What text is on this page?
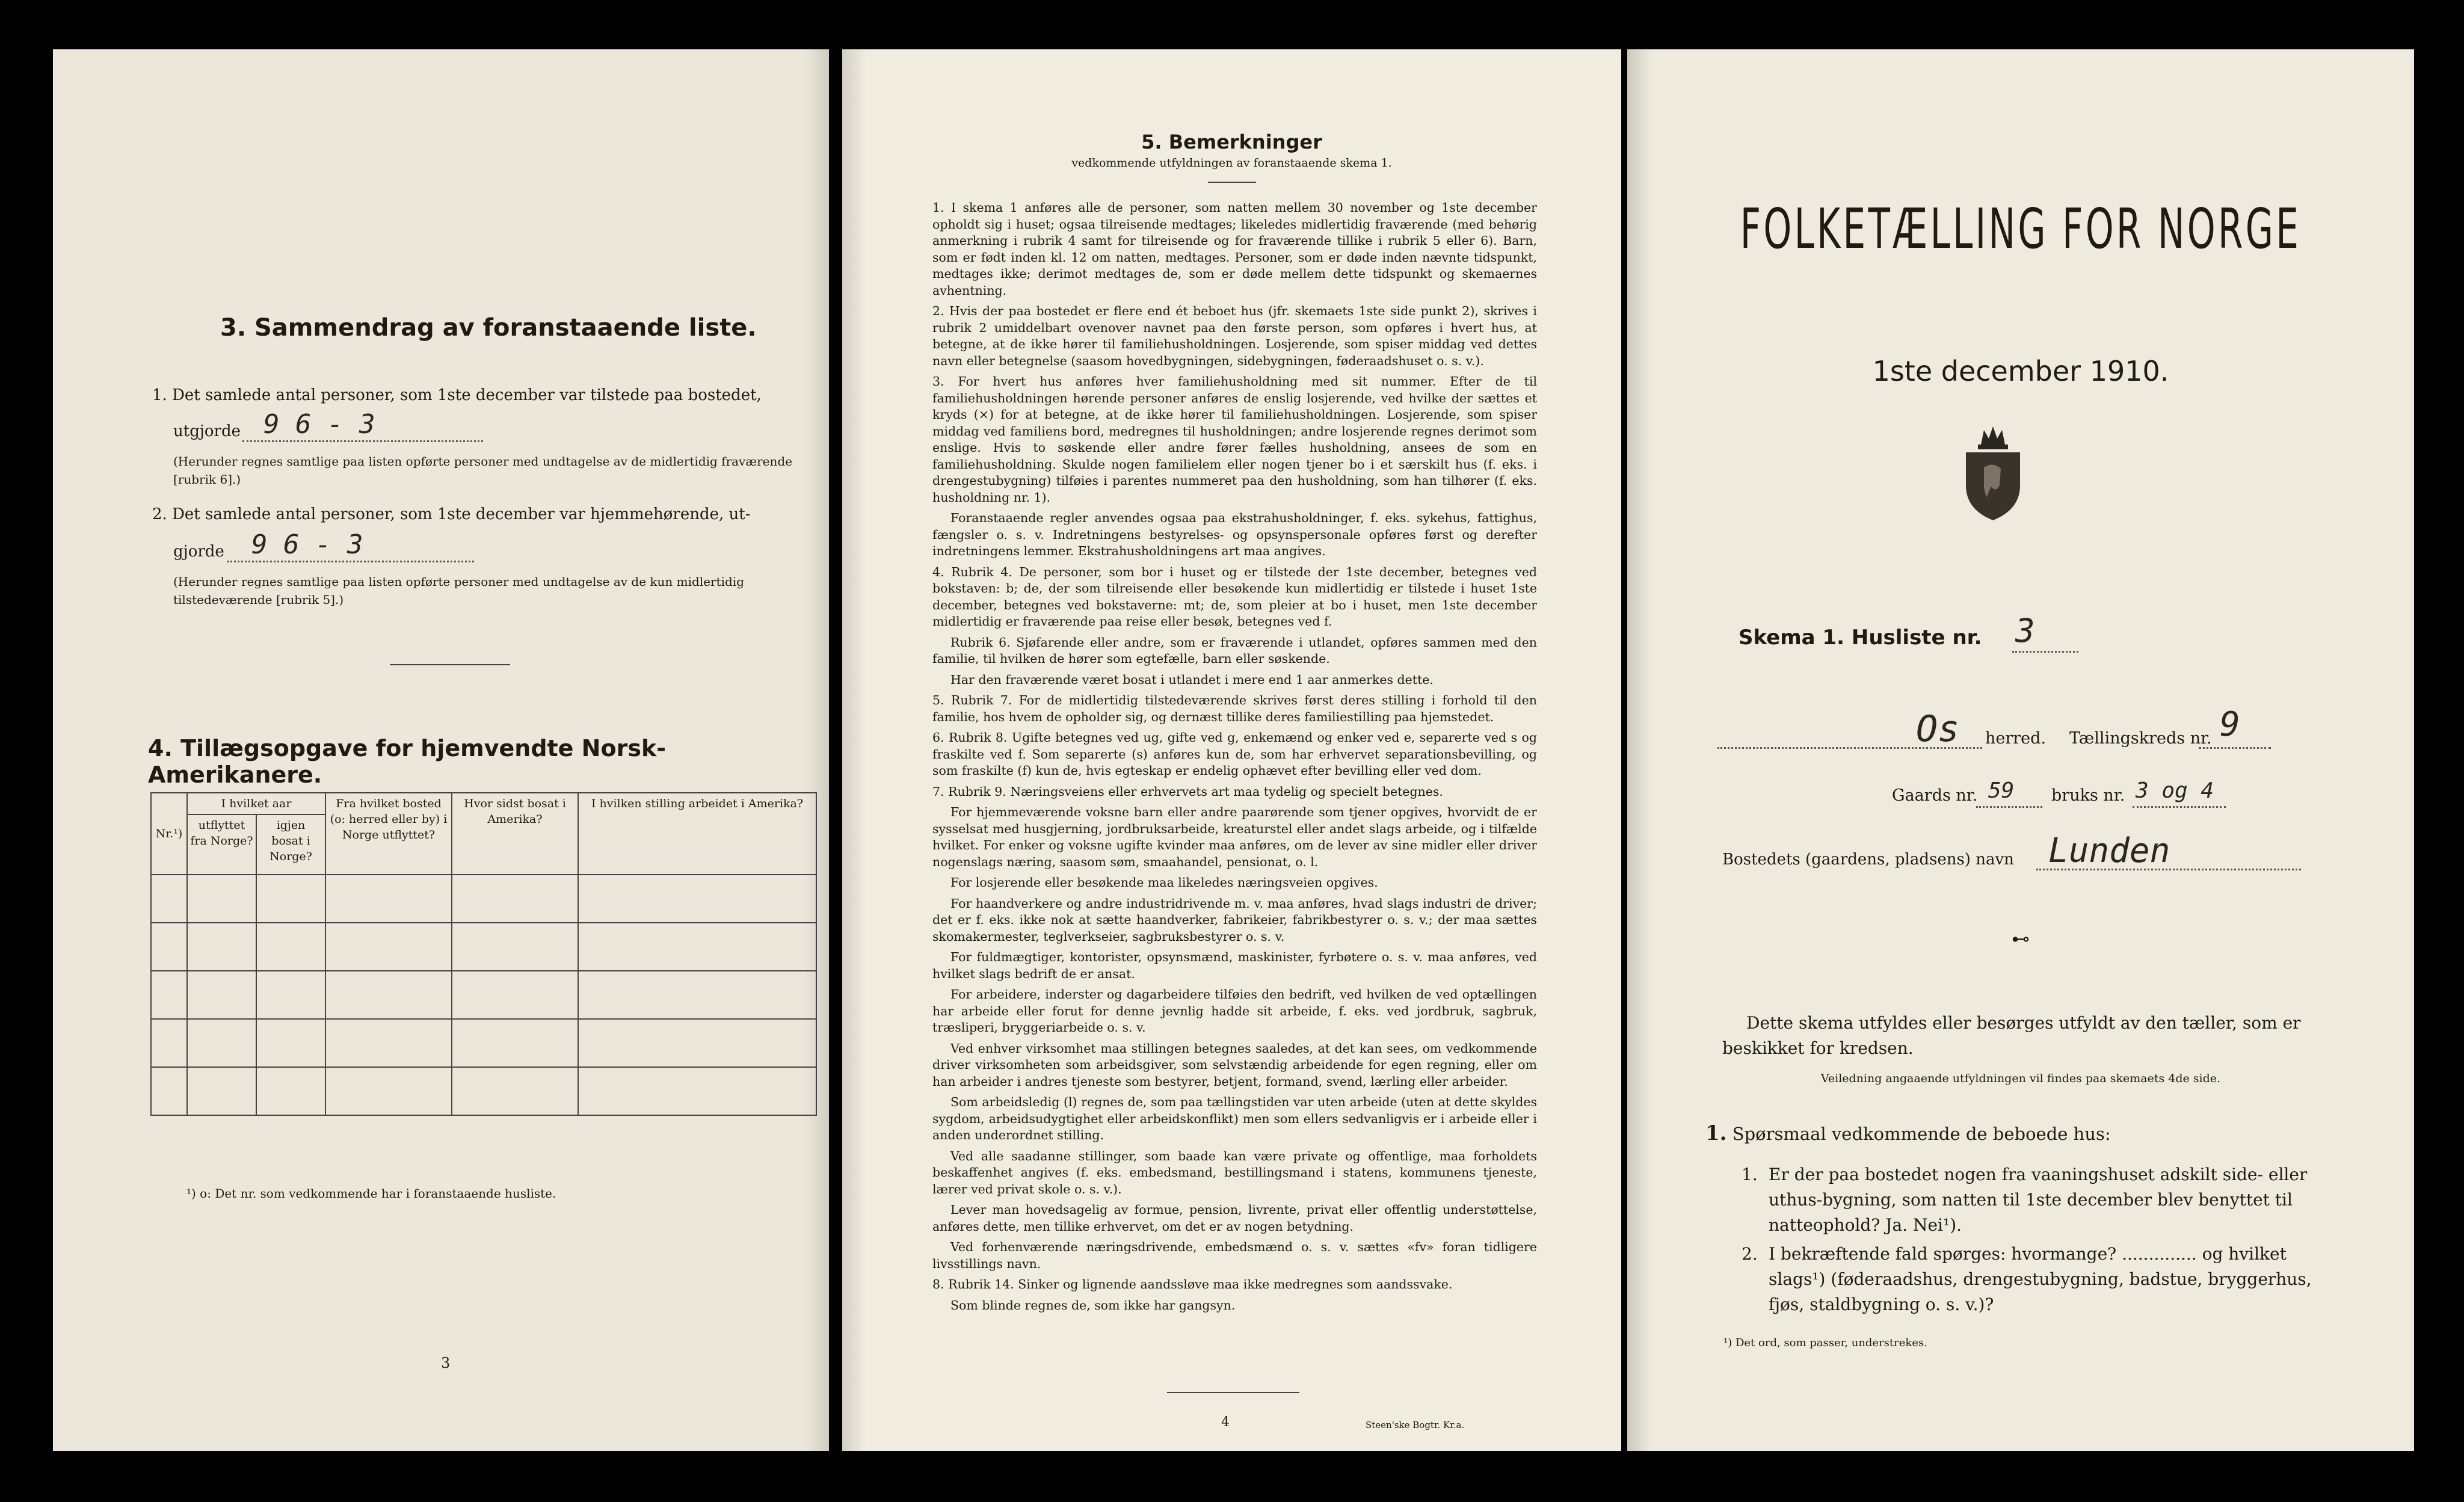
3. Sammendrag av foranstaaende liste.
1. Det samlede antal personer, som 1ste december var tilstede paa bostedet,
utgjorde 9 6 - 3
(Herunder regnes samtlige paa listen opførte personer med undtagelse av de midlertidig fraværende [rubrik 6].)
2. Det samlede antal personer, som 1ste december var hjemmehørende, ut-
gjorde 9 6 - 3
(Herunder regnes samtlige paa listen opførte personer med undtagelse av de kun midlertidig tilstedeværende [rubrik 5].)
4. Tillægsopgave for hjemvendte Norsk-Amerikanere.
Nr.¹)	I hvilket aar		Fra hvilket bosted (o: herred eller by) i Norge utflyttet?	Hvor sidst bosat i Amerika?	I hvilken stilling arbeidet i Amerika?
	utflyttet fra Norge?	igjen bosat i Norge?			

¹) o: Det nr. som vedkommende har i foranstaaende husliste.
3
5. Bemerkninger
vedkommende utfyldningen av foranstaaende skema 1.

1. I skema 1 anføres alle de personer, som natten mellem 30 november og 1ste december opholdt sig i huset; ogsaa tilreisende medtages; likeledes midlertidig fraværende (med behørig anmerkning i rubrik 4 samt for tilreisende og for fraværende tillike i rubrik 5 eller 6). Barn, som er født inden kl. 12 om natten, medtages. Personer, som er døde inden nævnte tidspunkt, medtages ikke; derimot medtages de, som er døde mellem dette tidspunkt og skemaernes avhentning.

2. Hvis der paa bostedet er flere end ét beboet hus (jfr. skemaets 1ste side punkt 2), skrives i rubrik 2 umiddelbart ovenover navnet paa den første person, som opføres i hvert hus, at betegne, at de ikke hører til familiehusholdningen. Losjerende, som spiser middag ved dettes navn eller betegnelse (saasom hovedbygningen, sidebygningen, føderaadshuset o. s. v.).

3. For hvert hus anføres hver familiehusholdning med sit nummer. Efter de til familiehusholdningen hørende personer anføres de enslig losjerende, ved hvilke der sættes et kryds (×) for at betegne, at de ikke hører til familiehusholdningen. Losjerende, som spiser middag ved familiens bord, medregnes til husholdningen; andre losjerende regnes derimot som enslige. Hvis to søskende eller andre fører fælles husholdning, ansees de som en familiehusholdning. Skulde nogen familielem eller nogen tjener bo i et særskilt hus (f. eks. i drengestubygning) tilføies i parentes nummeret paa den husholdning, som han tilhører (f. eks. husholdning nr. 1).

Foranstaaende regler anvendes ogsaa paa ekstrahusholdninger, f. eks. sykehus, fattighus, fængsler o. s. v. Indretningens bestyrelses- og opsynspersonale opføres først og derefter indretningens lemmer. Ekstrahusholdningens art maa angives.

4. Rubrik 4. De personer, som bor i huset og er tilstede der 1ste december, betegnes ved bokstaven: b; de, der som tilreisende eller besøkende kun midlertidig er tilstede i huset 1ste december, betegnes ved bokstaverne: mt; de, som pleier at bo i huset, men 1ste december midlertidig er fraværende paa reise eller besøk, betegnes ved f.

Rubrik 6. Sjøfarende eller andre, som er fraværende i utlandet, opføres sammen med den familie, til hvilken de hører som egtefælle, barn eller søskende.

Har den fraværende været bosat i utlandet i mere end 1 aar anmerkes dette.

5. Rubrik 7. For de midlertidig tilstedeværende skrives først deres stilling i forhold til den familie, hos hvem de opholder sig, og dernæst tillike deres familiestilling paa hjemstedet.

6. Rubrik 8. Ugifte betegnes ved ug, gifte ved g, enkemænd og enker ved e, separerte ved s og fraskilte ved f. Som separerte (s) anføres kun de, som har erhvervet separationsbevilling, og som fraskilte (f) kun de, hvis egteskap er endelig ophævet efter bevilling eller ved dom.

7. Rubrik 9. Næringsveiens eller erhvervets art maa tydelig og specielt betegnes.

For hjemmeværende voksne barn eller andre paarørende som tjener opgives, hvorvidt de er sysselsat med husgjerning, jordbruksarbeide, kreaturstel eller andet slags arbeide, og i tilfælde hvilket. For enker og voksne ugifte kvinder maa anføres, om de lever av sine midler eller driver nogenslags næring, saasom søm, smaahandel, pensionat, o. l.

For losjerende eller besøkende maa likeledes næringsveien opgives.

For haandverkere og andre industridrivende m. v. maa anføres, hvad slags industri de driver; det er f. eks. ikke nok at sætte haandverker, fabrikeier, fabrikbestyrer o. s. v.; der maa sættes skomakermester, teglverkseier, sagbruksbestyrer o. s. v.

For fuldmægtiger, kontorister, opsynsmænd, maskinister, fyrbøtere o. s. v. maa anføres, ved hvilket slags bedrift de er ansat.

For arbeidere, inderster og dagarbeidere tilføies den bedrift, ved hvilken de ved optællingen har arbeide eller forut for denne jevnlig hadde sit arbeide, f. eks. ved jordbruk, sagbruk, træsliperi, bryggeriarbeide o. s. v.

Ved enhver virksomhet maa stillingen betegnes saaledes, at det kan sees, om vedkommende driver virksomheten som arbeidsgiver, som selvstændig arbeidende for egen regning, eller om han arbeider i andres tjeneste som bestyrer, betjent, formand, svend, lærling eller arbeider.

Som arbeidsledig (l) regnes de, som paa tællingstiden var uten arbeide (uten at dette skyldes sygdom, arbeidsudygtighet eller arbeidskonflikt) men som ellers sedvanligvis er i arbeide eller i anden underordnet stilling.

Ved alle saadanne stillinger, som baade kan være private og offentlige, maa forholdets beskaffenhet angives (f. eks. embedsmand, bestillingsmand i statens, kommunens tjeneste, lærer ved privat skole o. s. v.).

Lever man hovedsagelig av formue, pension, livrente, privat eller offentlig understøttelse, anføres dette, men tillike erhvervet, om det er av nogen betydning.

Ved forhenværende næringsdrivende, embedsmænd o. s. v. sættes «fv» foran tidligere livsstillings navn.

8. Rubrik 14. Sinker og lignende aandssløve maa ikke medregnes som aandssvake.

Som blinde regnes de, som ikke har gangsyn.

4	Steen'ske Bogtr. Kr.a.
FOLKETÆLLING FOR NORGE
1ste december 1910.
Skema 1. Husliste nr. 3
Os herred. Tællingskreds nr. 9
Gaards nr. 59 bruks nr. 3 og 4
Bostedets (gaardens, pladsens) navn Lunden
⊷
Dette skema utfyldes eller besørges utfyldt av den tæller, som er beskikket for kredsen.
Veiledning angaaende utfyldningen vil findes paa skemaets 4de side.
1. Spørsmaal vedkommende de beboede hus:
1. Er der paa bostedet nogen fra vaaningshuset adskilt side- eller uthus-bygning, som natten til 1ste december blev benyttet til natteophold? Ja. Nei¹).
2. I bekræftende fald spørges: hvormange? .............. og hvilket slags¹) (føderaadshus, drengestubygning, badstue, bryggerhus, fjøs, staldbygning o. s. v.)?
¹) Det ord, som passer, understrekes.
